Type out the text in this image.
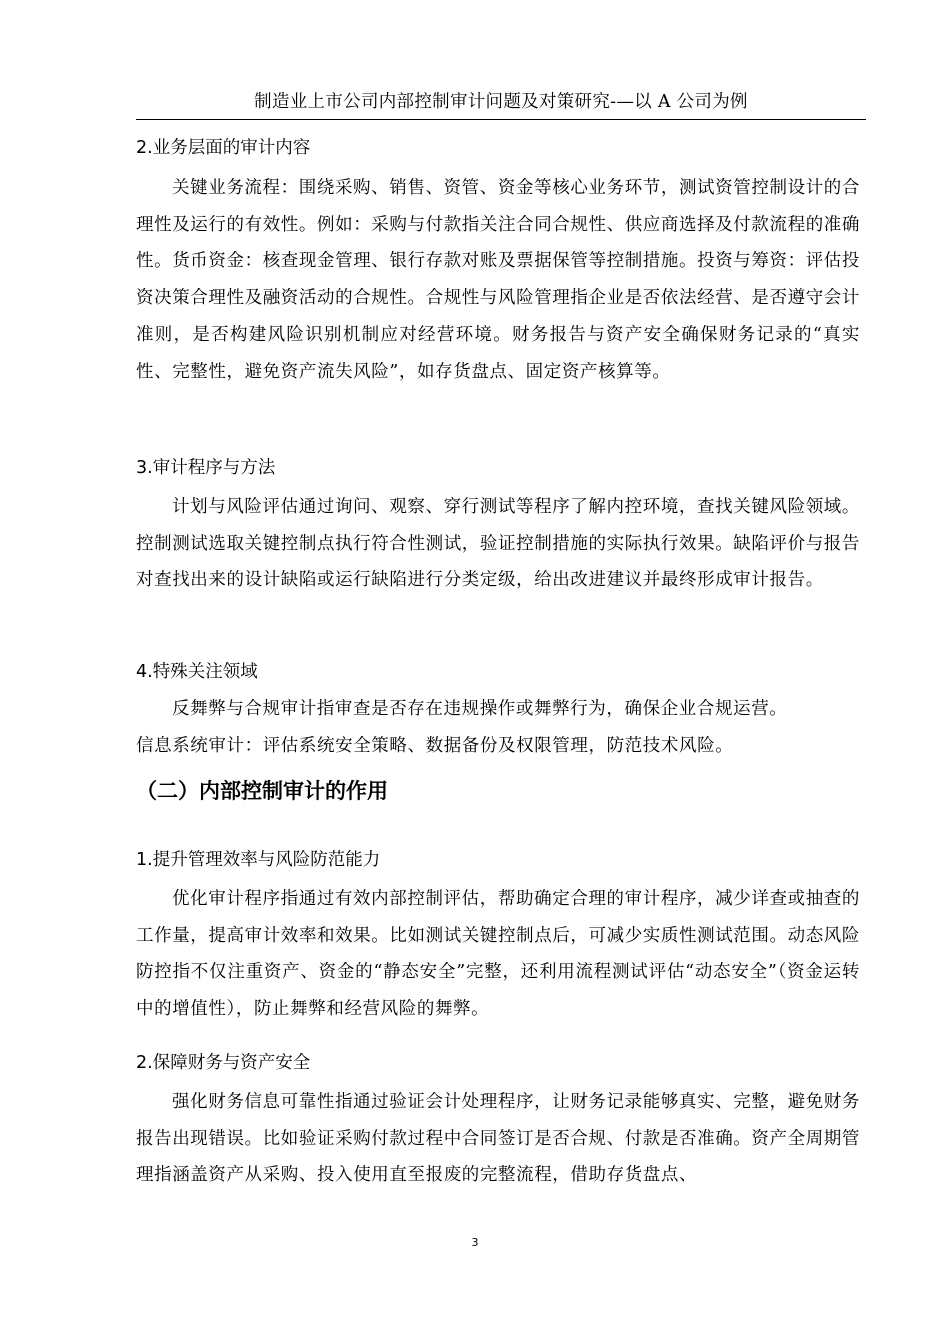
制造业上市公司内部控制审计问题及对策研究-—以 A 公司为例
2.业务层面的审计内容

关键业务流程：围绕采购、销售、资管、资金等核心业务环节，测试资管控制设计的合理性及运行的有效性。例如：采购与付款指关注合同合规性、供应商选择及付款流程的准确性。货币资金：核查现金管理、银行存款对账及票据保管等控制措施。投资与筹资：评估投资决策合理性及融资活动的合规性。合规性与风险管理指企业是否依法经营、是否遵守会计准则，是否构建风险识别机制应对经营环境。财务报告与资产安全确保财务记录的“真实性、完整性，避免资产流失风险”，如存货盘点、固定资产核算等。

3.审计程序与方法

计划与风险评估通过询问、观察、穿行测试等程序了解内控环境，查找关键风险领域。控制测试选取关键控制点执行符合性测试，验证控制措施的实际执行效果。缺陷评价与报告对查找出来的设计缺陷或运行缺陷进行分类定级，给出改进建议并最终形成审计报告。

4.特殊关注领域

反舞弊与合规审计指审查是否存在违规操作或舞弊行为，确保企业合规运营。

信息系统审计：评估系统安全策略、数据备份及权限管理，防范技术风险。

（二）内部控制审计的作用
1.提升管理效率与风险防范能力

优化审计程序指通过有效内部控制评估，帮助确定合理的审计程序，减少详查或抽查的工作量，提高审计效率和效果。比如测试关键控制点后，可减少实质性测试范围。动态风险防控指不仅注重资产、资金的“静态安全”完整，还利用流程测试评估“动态安全”（资金运转中的增值性），防止舞弊和经营风险的舞弊。

2.保障财务与资产安全

强化财务信息可靠性指通过验证会计处理程序，让财务记录能够真实、完整，避免财务报告出现错误。比如验证采购付款过程中合同签订是否合规、付款是否准确。资产全周期管理指涵盖资产从采购、投入使用直至报废的完整流程，借助存货盘点、

3
